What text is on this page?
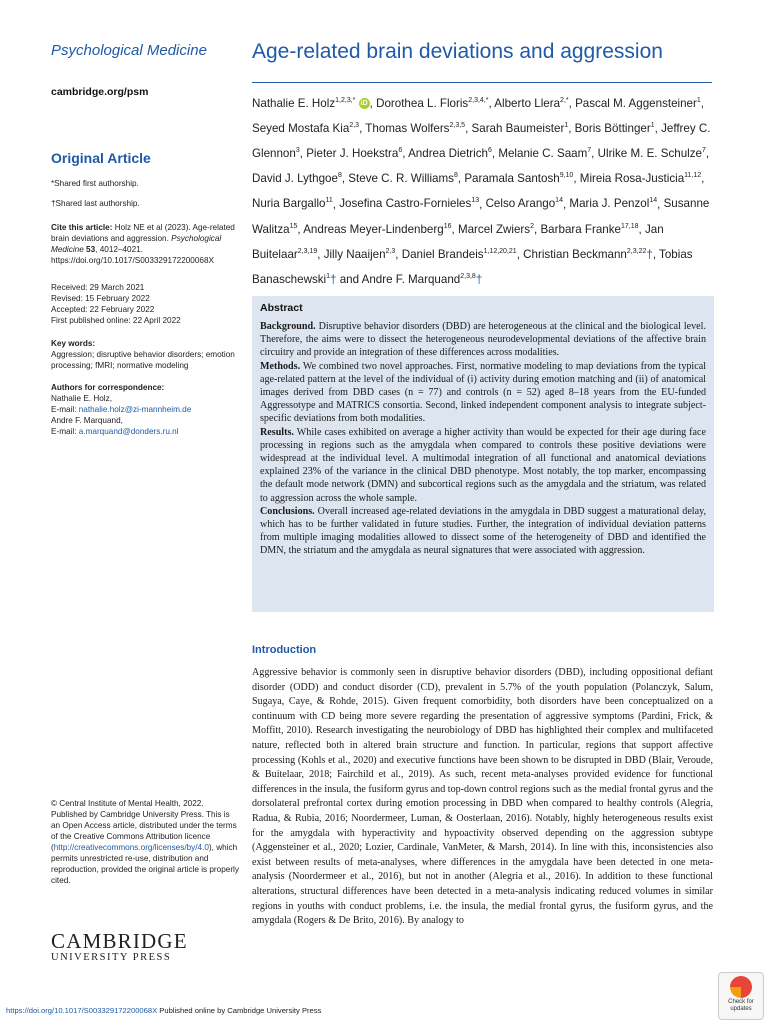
Psychological Medicine
cambridge.org/psm
Original Article
*Shared first authorship.
†Shared last authorship.
Cite this article: Holz NE et al (2023). Age-related brain deviations and aggression. Psychological Medicine 53, 4012–4021. https://doi.org/10.1017/S003329172200068X
Received: 29 March 2021
Revised: 15 February 2022
Accepted: 22 February 2022
First published online: 22 April 2022
Key words:
Aggression; disruptive behavior disorders; emotion processing; fMRI; normative modeling
Authors for correspondence:
Nathalie E. Holz,
E-mail: nathalie.holz@zi-mannheim.de
Andre F. Marquand,
E-mail: a.marquand@donders.ru.nl
© Central Institute of Mental Health, 2022. Published by Cambridge University Press. This is an Open Access article, distributed under the terms of the Creative Commons Attribution licence (http://creativecommons.org/licenses/by/4.0), which permits unrestricted re-use, distribution and reproduction, provided the original article is properly cited.
CAMBRIDGE
UNIVERSITY PRESS
Age-related brain deviations and aggression
Nathalie E. Holz$^{1,2,3,*}$ iD , Dorothea L. Floris$^{2,3,4,*}$, Alberto Llera$^{2,*}$, Pascal M. Aggensteiner$^1$, Seyed Mostafa Kia$^{2,3}$, Thomas Wolfers$^{2,3,5}$, Sarah Baumeister$^1$, Boris Böttinger$^1$, Jeffrey C. Glennon$^3$, Pieter J. Hoekstra$^6$, Andrea Dietrich$^6$, Melanie C. Saam$^7$, Ulrike M. E. Schulze$^7$, David J. Lythgoe$^8$, Steve C. R. Williams$^8$, Paramala Santosh$^{9,10}$, Mireia Rosa-Justicia$^{11,12}$, Nuria Bargallo$^{11}$, Josefina Castro-Fornieles$^{13}$, Celso Arango$^{14}$, Maria J. Penzol$^{14}$, Susanne Walitza$^{15}$, Andreas Meyer-Lindenberg$^{16}$, Marcel Zwiers$^2$, Barbara Franke$^{17,18}$, Jan Buitelaar$^{2,3,19}$, Jilly Naaijen$^{2,3}$, Daniel Brandeis$^{1,12,20,21}$, Christian Beckmann$^{2,3,22}$†, Tobias Banaschewski$^1$† and Andre F. Marquand$^{2,3,8}$†
Abstract

Background. Disruptive behavior disorders (DBD) are heterogeneous at the clinical and the biological level. Therefore, the aims were to dissect the heterogeneous neurodevelopmental deviations of the affective brain circuitry and provide an integration of these differences across modalities.

Methods. We combined two novel approaches. First, normative modeling to map deviations from the typical age-related pattern at the level of the individual of (i) activity during emotion matching and (ii) of anatomical images derived from DBD cases (n = 77) and controls (n = 52) aged 8–18 years from the EU-funded Aggressotype and MATRICS consortia. Second, linked independent component analysis to integrate subject-specific deviations from both modalities.

Results. While cases exhibited on average a higher activity than would be expected for their age during face processing in regions such as the amygdala when compared to controls these positive deviations were widespread at the individual level. A multimodal integration of all functional and anatomical deviations explained 23% of the variance in the clinical DBD phenotype. Most notably, the top marker, encompassing the default mode network (DMN) and subcortical regions such as the amygdala and the striatum, was related to aggression across the whole sample.

Conclusions. Overall increased age-related deviations in the amygdala in DBD suggest a maturational delay, which has to be further validated in future studies. Further, the integration of individual deviation patterns from multiple imaging modalities allowed to dissect some of the heterogeneity of DBD and identified the DMN, the striatum and the amygdala as neural signatures that were associated with aggression.

Introduction

Aggressive behavior is commonly seen in disruptive behavior disorders (DBD), including oppositional defiant disorder (ODD) and conduct disorder (CD), prevalent in 5.7% of the youth population (Polanczyk, Salum, Sugaya, Caye, & Rohde, 2015). Given frequent comorbidity, both disorders have been conceptualized on a continuum with CD being more severe regarding the presentation of aggressive symptoms (Pardini, Frick, & Moffitt, 2010). Research investigating the neurobiology of DBD has highlighted their complex and multifaceted nature, reflected both in altered brain structure and function. In particular, regions that support affective processing (Kohls et al., 2020) and executive functions have been shown to be disrupted in DBD (Blair, Veroude, & Buitelaar, 2018; Fairchild et al., 2019). As such, recent meta-analyses provided evidence for functional differences in the insula, the fusiform gyrus and top-down control regions such as the medial frontal gyrus and the dorsolateral prefrontal cortex during emotion processing in DBD when compared to healthy controls (Alegria, Radua, & Rubia, 2016; Noordermeer, Luman, & Oosterlaan, 2016). Notably, highly heterogeneous results exist for the amygdala with hyperactivity and hypoactivity observed depending on the aggression subtype (Aggensteiner et al., 2020; Lozier, Cardinale, VanMeter, & Marsh, 2014). In line with this, inconsistencies also exist between results of meta-analyses, where differences in the amygdala have been detected in one meta-analysis (Noordermeer et al., 2016), but not in another (Alegria et al., 2016). In addition to these functional alterations, structural differences have been detected in a meta-analysis indicating reduced volumes in similar regions in youths with conduct problems, i.e. the insula, the medial frontal gyrus, the fusiform gyrus, and the amygdala (Rogers & De Brito, 2016). By analogy to

https://doi.org/10.1017/S003329172200068X Published online by Cambridge University Press
Check for
updates
